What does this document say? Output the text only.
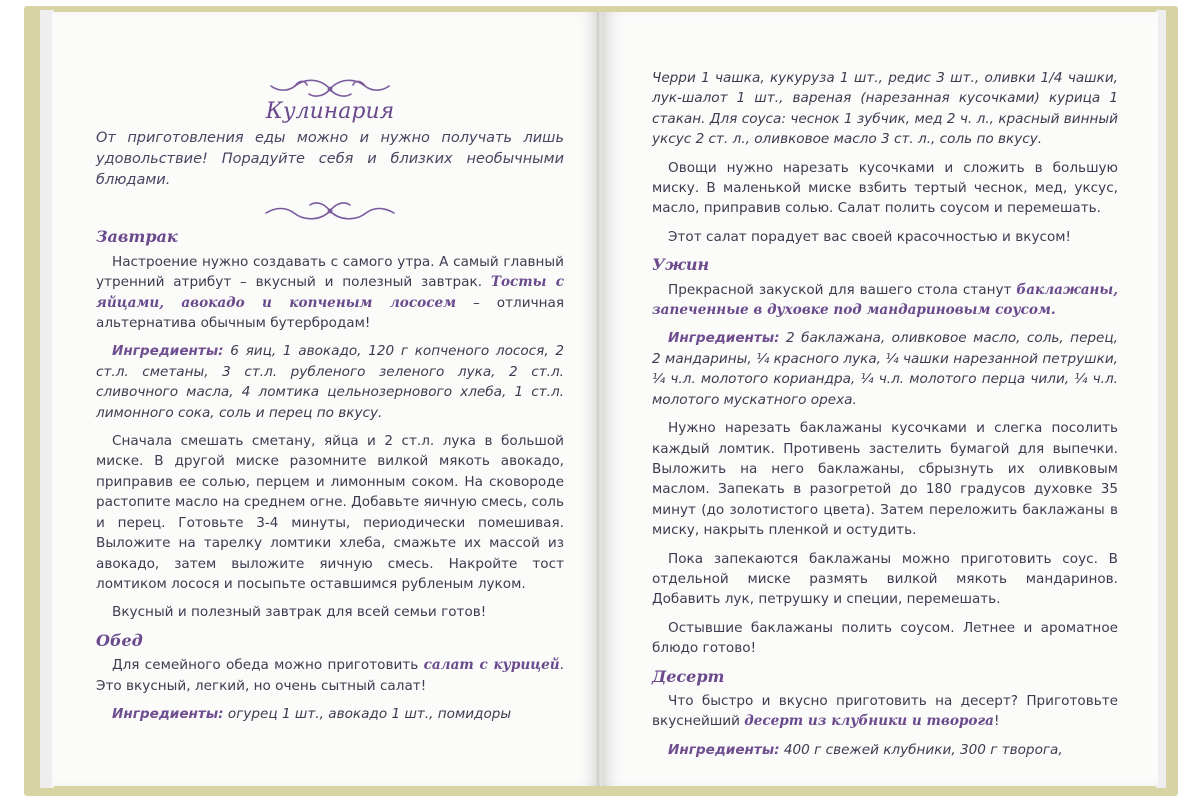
Кулинария

От приготовления еды можно и нужно получать лишь удовольствие! Порадуйте себя и близких необычными блюдами.

Завтрак

Настроение нужно создавать с самого утра. А самый главный утренний атрибут – вкусный и полезный завтрак. Тосты с яйцами, авокадо и копченым лососем – отличная альтернатива обычным бутербродам!

Ингредиенты: 6 яиц, 1 авокадо, 120 г копченого лосося, 2 ст.л. сметаны, 3 ст.л. рубленого зеленого лука, 2 ст.л. сливочного масла, 4 ломтика цельнозернового хлеба, 1 ст.л. лимонного сока, соль и перец по вкусу.

Сначала смешать сметану, яйца и 2 ст.л. лука в большой миске. В другой миске разомните вилкой мякоть авокадо, приправив ее солью, перцем и лимонным соком. На сковороде растопите масло на среднем огне. Добавьте яичную смесь, соль и перец. Готовьте 3-4 минуты, периодически помешивая. Выложите на тарелку ломтики хлеба, смажьте их массой из авокадо, затем выложите яичную смесь. Накройте тост ломтиком лосося и посыпьте оставшимся рубленым луком.

Вкусный и полезный завтрак для всей семьи готов!

Обед

Для семейного обеда можно приготовить салат с курицей. Это вкусный, легкий, но очень сытный салат!

Ингредиенты: огурец 1 шт., авокадо 1 шт., помидоры

Черри 1 чашка, кукуруза 1 шт., редис 3 шт., оливки 1/4 чашки, лук-шалот 1 шт., вареная (нарезанная кусочками) курица 1 стакан. Для соуса: чеснок 1 зубчик, мед 2 ч. л., красный винный уксус 2 ст. л., оливковое масло 3 ст. л., соль по вкусу.

Овощи нужно нарезать кусочками и сложить в большую миску. В маленькой миске взбить тертый чеснок, мед, уксус, масло, приправив солью. Салат полить соусом и перемешать.

Этот салат порадует вас своей красочностью и вкусом!

Ужин

Прекрасной закуской для вашего стола станут баклажаны, запеченные в духовке под мандариновым соусом.

Ингредиенты: 2 баклажана, оливковое масло, соль, перец, 2 мандарины, ¼ красного лука, ¼ чашки нарезанной петрушки, ¼ ч.л. молотого кориандра, ¼ ч.л. молотого перца чили, ¼ ч.л. молотого мускатного ореха.

Нужно нарезать баклажаны кусочками и слегка посолить каждый ломтик. Противень застелить бумагой для выпечки. Выложить на него баклажаны, сбрызнуть их оливковым маслом. Запекать в разогретой до 180 градусов духовке 35 минут (до золотистого цвета). Затем переложить баклажаны в миску, накрыть пленкой и остудить.

Пока запекаются баклажаны можно приготовить соус. В отдельной миске размять вилкой мякоть мандаринов. Добавить лук, петрушку и специи, перемешать.

Остывшие баклажаны полить соусом. Летнее и ароматное блюдо готово!

Десерт

Что быстро и вкусно приготовить на десерт? Приготовьте вкуснейший десерт из клубники и творога!

Ингредиенты: 400 г свежей клубники, 300 г творога,
